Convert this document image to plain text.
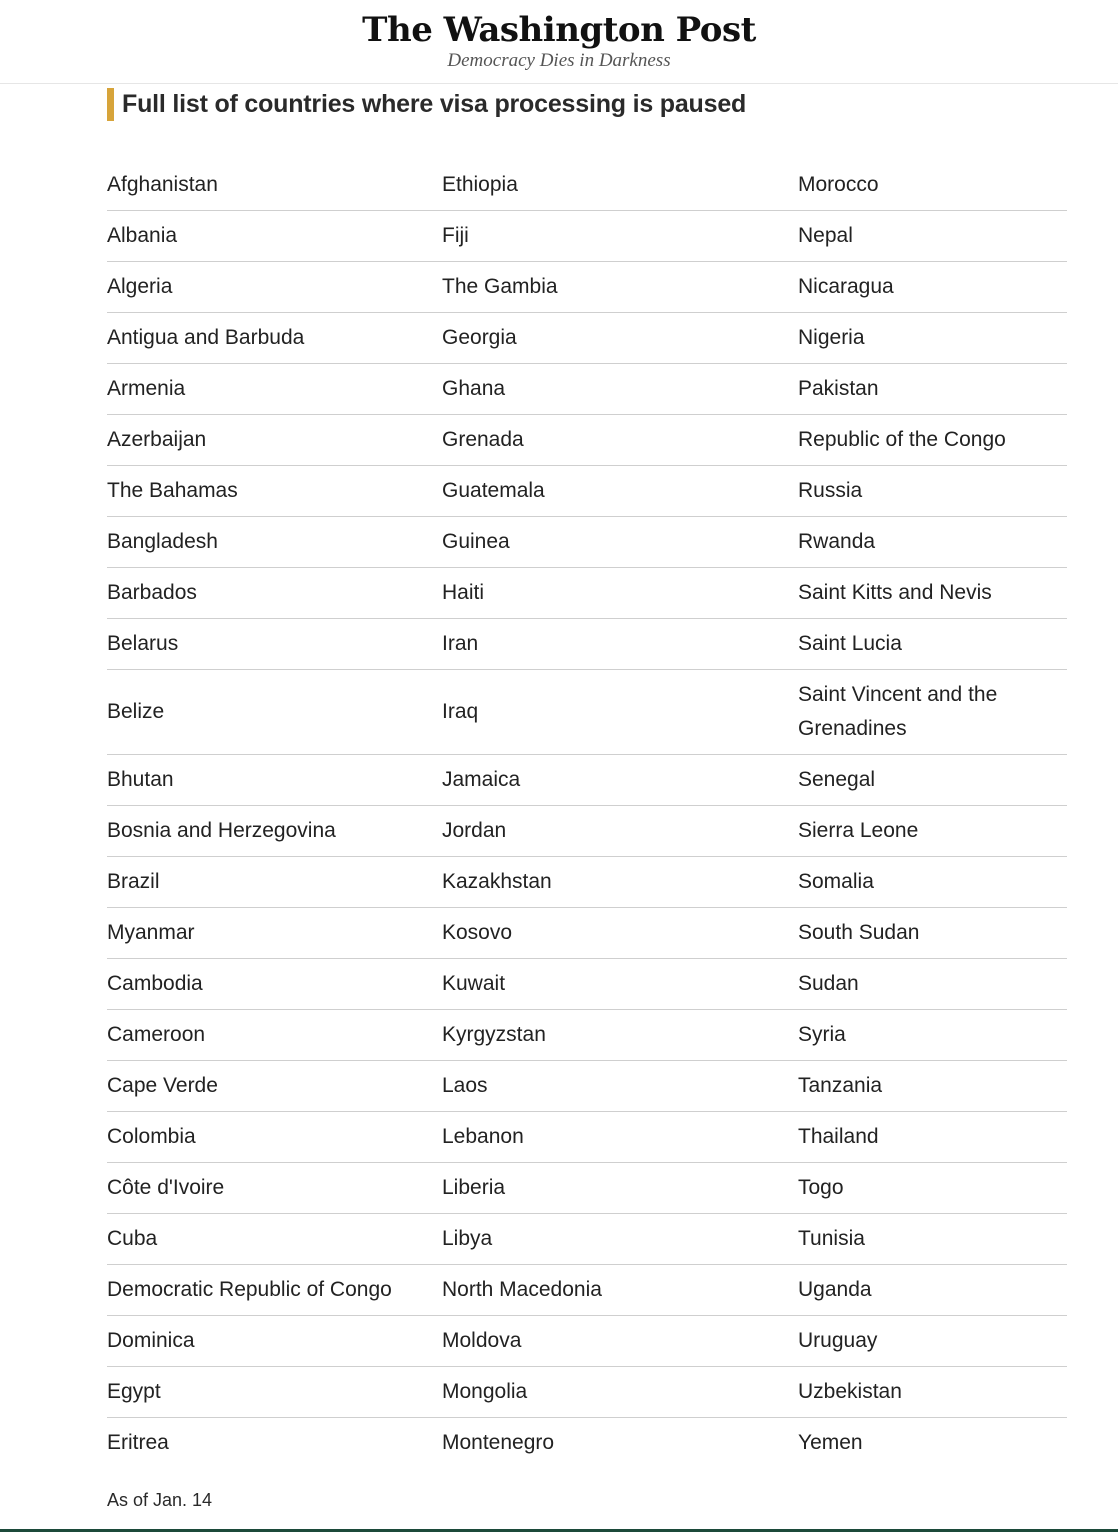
The Washington Post
Democracy Dies in Darkness
Full list of countries where visa processing is paused
Afghanistan	Ethiopia	Morocco
Albania	Fiji	Nepal
Algeria	The Gambia	Nicaragua
Antigua and Barbuda	Georgia	Nigeria
Armenia	Ghana	Pakistan
Azerbaijan	Grenada	Republic of the Congo
The Bahamas	Guatemala	Russia
Bangladesh	Guinea	Rwanda
Barbados	Haiti	Saint Kitts and Nevis
Belarus	Iran	Saint Lucia
Belize	Iraq	Saint Vincent and the Grenadines
Bhutan	Jamaica	Senegal
Bosnia and Herzegovina	Jordan	Sierra Leone
Brazil	Kazakhstan	Somalia
Myanmar	Kosovo	South Sudan
Cambodia	Kuwait	Sudan
Cameroon	Kyrgyzstan	Syria
Cape Verde	Laos	Tanzania
Colombia	Lebanon	Thailand
Côte d'Ivoire	Liberia	Togo
Cuba	Libya	Tunisia
Democratic Republic of Congo	North Macedonia	Uganda
Dominica	Moldova	Uruguay
Egypt	Mongolia	Uzbekistan
Eritrea	Montenegro	Yemen
As of Jan. 14
